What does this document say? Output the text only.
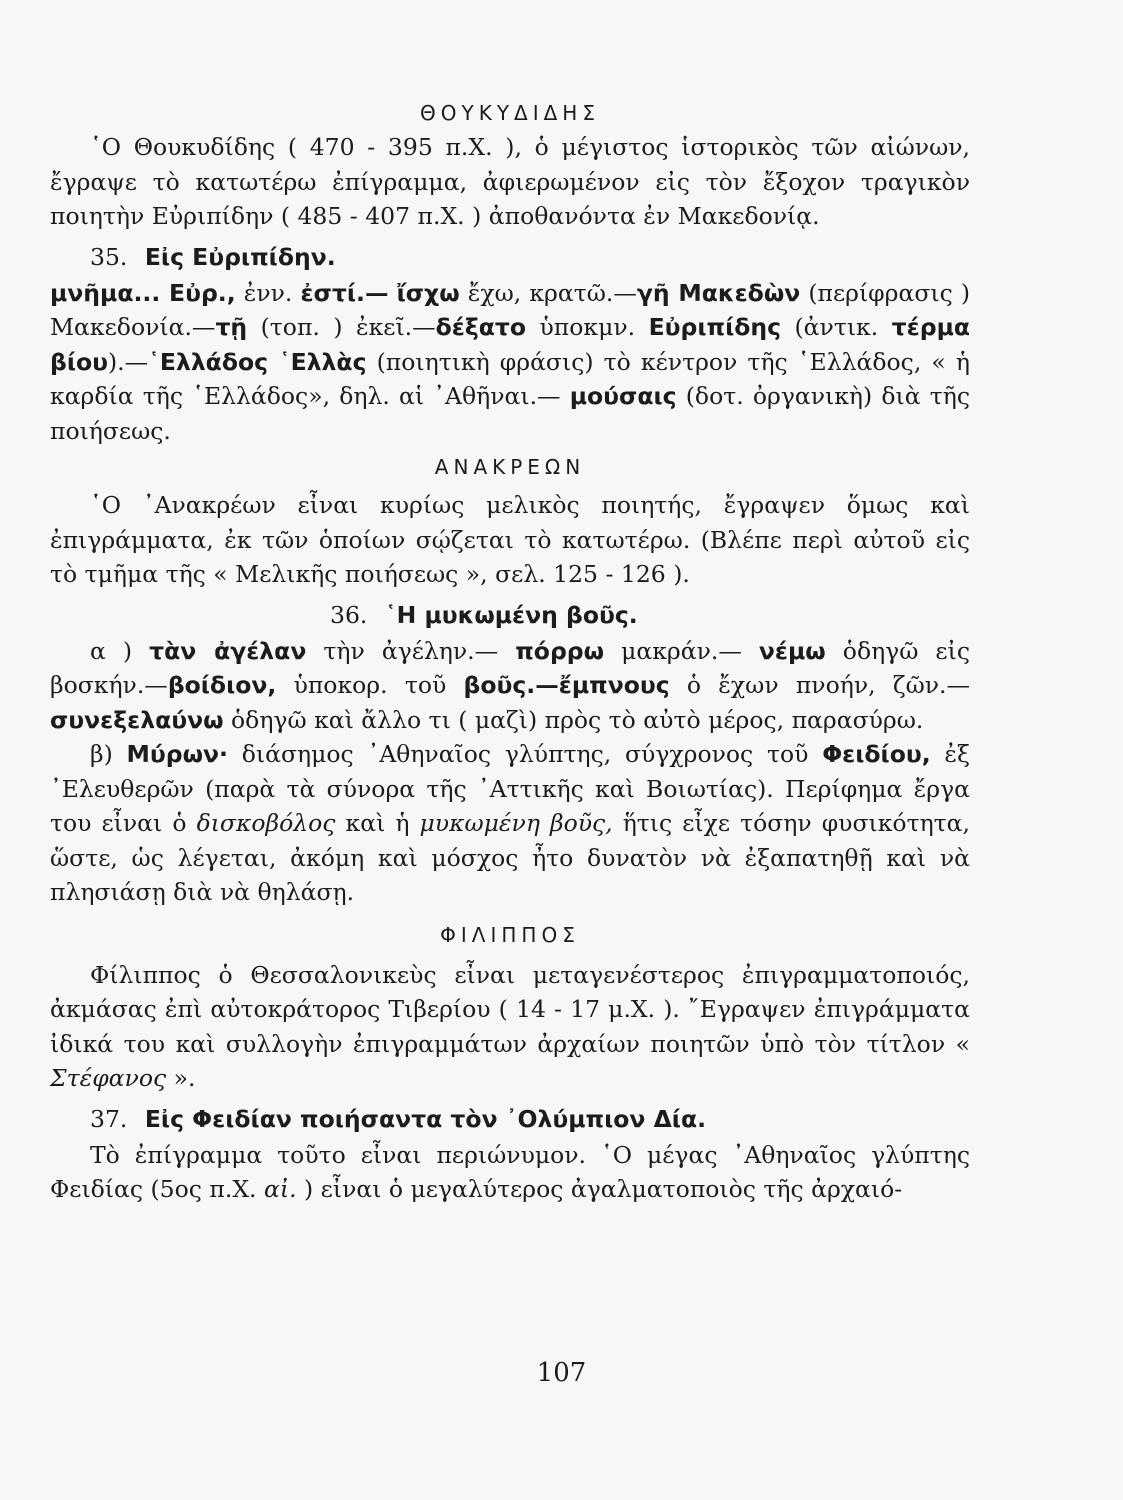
ΘΟΥΚΥΔΙΔΗΣ

῾Ο Θουκυδίδης ( 470 - 395 π.Χ. ), ὁ μέγιστος ἱστορικὸς τῶν αἰώνων, ἔγραψε τὸ κατωτέρω ἐπίγραμμα, ἀφιερωμένον εἰς τὸν ἔξοχον τραγικὸν ποιητὴν Εὐριπίδην ( 485 - 407 π.Χ. ) ἀποθανόντα ἐν Μακεδονίᾳ.

35. Εἰς Εὐριπίδην.

μνῆμα... Εὐρ., ἐνν. ἐστί.— ἴσχω ἔχω, κρατῶ.—γῆ Μακεδὼν (περίφρασις ) Μακεδονία.—τῇ (τοπ. ) ἐκεῖ.—δέξατο ὑποκμν. Εὐριπίδης (ἀντικ. τέρμα βίου).—῾Ελλάδος ῾Ελλὰς (ποιητικὴ φράσις) τὸ κέντρον τῆς ῾Ελλάδος, « ἡ καρδία τῆς ῾Ελλάδος», δηλ. αἱ ᾿Αθῆναι.— μούσαις (δοτ. ὀργανικὴ) διὰ τῆς ποιήσεως.

ΑΝΑΚΡΕΩΝ

῾Ο ᾿Ανακρέων εἶναι κυρίως μελικὸς ποιητής, ἔγραψεν ὅμως καὶ ἐπιγράμματα, ἐκ τῶν ὁποίων σῴζεται τὸ κατωτέρω. (Βλέπε περὶ αὐτοῦ εἰς τὸ τμῆμα τῆς « Μελικῆς ποιήσεως », σελ. 125 - 126 ).

36. ῾Η μυκωμένη βοῦς.

α ) τὰν ἀγέλαν τὴν ἀγέλην.— πόρρω μακράν.— νέμω ὁδηγῶ εἰς βοσκήν.—βοίδιον, ὑποκορ. τοῦ βοῦς.—ἔμπνους ὁ ἔχων πνοήν, ζῶν.— συνεξελαύνω ὁδηγῶ καὶ ἄλλο τι ( μαζὶ) πρὸς τὸ αὐτὸ μέρος, παρασύρω.

β) Μύρων· διάσημος ᾿Αθηναῖος γλύπτης, σύγχρονος τοῦ Φειδίου, ἐξ ᾿Ελευθερῶν (παρὰ τὰ σύνορα τῆς ᾿Αττικῆς καὶ Βοιωτίας). Περίφημα ἔργα του εἶναι ὁ δισκοβόλος καὶ ἡ μυκωμένη βοῦς, ἥτις εἶχε τόσην φυσικότητα, ὥστε, ὡς λέγεται, ἀκόμη καὶ μόσχος ἦτο δυνατὸν νὰ ἐξαπατηθῇ καὶ νὰ πλησιάσῃ διὰ νὰ θηλάσῃ.

ΦΙΛΙΠΠΟΣ

Φίλιππος ὁ Θεσσαλονικεὺς εἶναι μεταγενέστερος ἐπιγραμματοποιός, ἀκμάσας ἐπὶ αὐτοκράτορος Τιβερίου ( 14 - 17 μ.Χ. ). ῎Εγραψεν ἐπιγράμματα ἰδικά του καὶ συλλογὴν ἐπιγραμμάτων ἀρχαίων ποιητῶν ὑπὸ τὸν τίτλον « Στέφανος ».

37. Εἰς Φειδίαν ποιήσαντα τὸν ᾿Ολύμπιον Δία.

Τὸ ἐπίγραμμα τοῦτο εἶναι περιώνυμον. ῾Ο μέγας ᾿Αθηναῖος γλύπτης Φειδίας (5ος π.Χ. αἰ. ) εἶναι ὁ μεγαλύτερος ἀγαλματοποιὸς τῆς ἀρχαιό-

107
